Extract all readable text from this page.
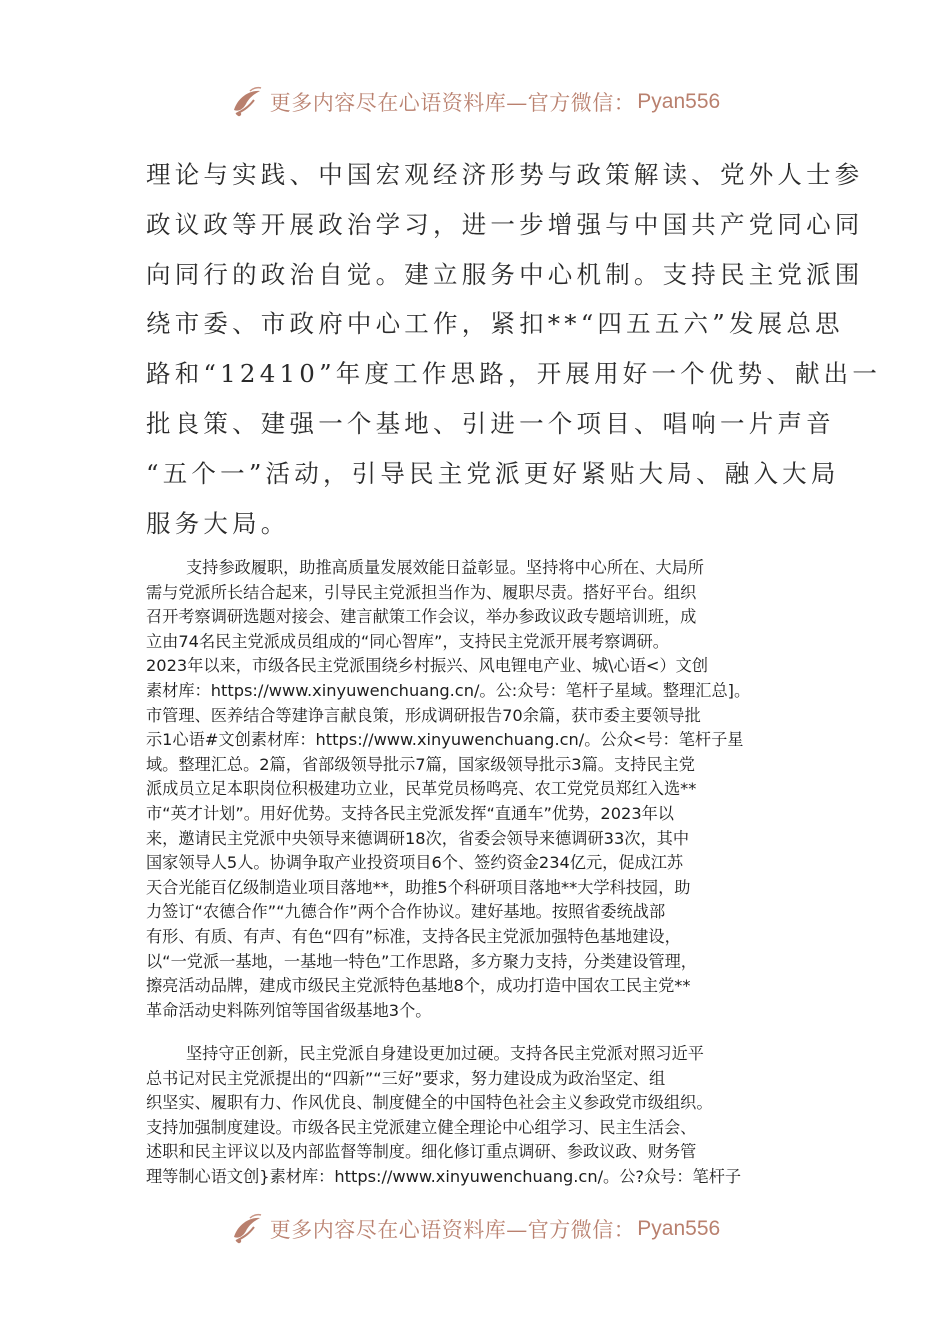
更多内容尽在心语资料库—官方微信： Pyan556
理论与实践、中国宏观经济形势与政策解读、党外人士参
政议政等开展政治学习，进一步增强与中国共产党同心同
向同行的政治自觉。建立服务中心机制。支持民主党派围
绕市委、市政府中心工作，紧扣**“四五五六”发展总思
路和“12410”年度工作思路，开展用好一个优势、献出一
批良策、建强一个基地、引进一个项目、唱响一片声音
“五个一”活动，引导民主党派更好紧贴大局、融入大局
服务大局。
支持参政履职，助推高质量发展效能日益彰显。坚持将中心所在、大局所
需与党派所长结合起来，引导民主党派担当作为、履职尽责。搭好平台。组织
召开考察调研选题对接会、建言献策工作会议，举办参政议政专题培训班，成
立由74名民主党派成员组成的“同心智库”，支持民主党派开展考察调研。
2023年以来，市级各民主党派围绕乡村振兴、风电锂电产业、城\心语<）文创
素材库：https://www.xinyuwenchuang.cn/。公:众号：笔杆子星域。整理汇总]。
市管理、医养结合等建诤言献良策，形成调研报告70余篇，获市委主要领导批
示1心语#文创素材库：https://www.xinyuwenchuang.cn/。公众<号：笔杆子星
域。整理汇总。2篇，省部级领导批示7篇，国家级领导批示3篇。支持民主党
派成员立足本职岗位积极建功立业，民革党员杨鸣亮、农工党党员郑红入选**
市“英才计划”。用好优势。支持各民主党派发挥“直通车”优势，2023年以
来，邀请民主党派中央领导来德调研18次，省委会领导来德调研33次，其中
国家领导人5人。协调争取产业投资项目6个、签约资金234亿元，促成江苏
天合光能百亿级制造业项目落地**，助推5个科研项目落地**大学科技园，助
力签订“农德合作”“九德合作”两个合作协议。建好基地。按照省委统战部
有形、有质、有声、有色“四有”标准，支持各民主党派加强特色基地建设，
以“一党派一基地，一基地一特色”工作思路，多方聚力支持，分类建设管理，
擦亮活动品牌，建成市级民主党派特色基地8个，成功打造中国农工民主党**
革命活动史料陈列馆等国省级基地3个。
坚持守正创新，民主党派自身建设更加过硬。支持各民主党派对照习近平
总书记对民主党派提出的“四新”“三好”要求，努力建设成为政治坚定、组
织坚实、履职有力、作风优良、制度健全的中国特色社会主义参政党市级组织。
支持加强制度建设。市级各民主党派建立健全理论中心组学习、民主生活会、
述职和民主评议以及内部监督等制度。细化修订重点调研、参政议政、财务管
理等制心语文创}素材库：https://www.xinyuwenchuang.cn/。公?众号：笔杆子
更多内容尽在心语资料库—官方微信： Pyan556
